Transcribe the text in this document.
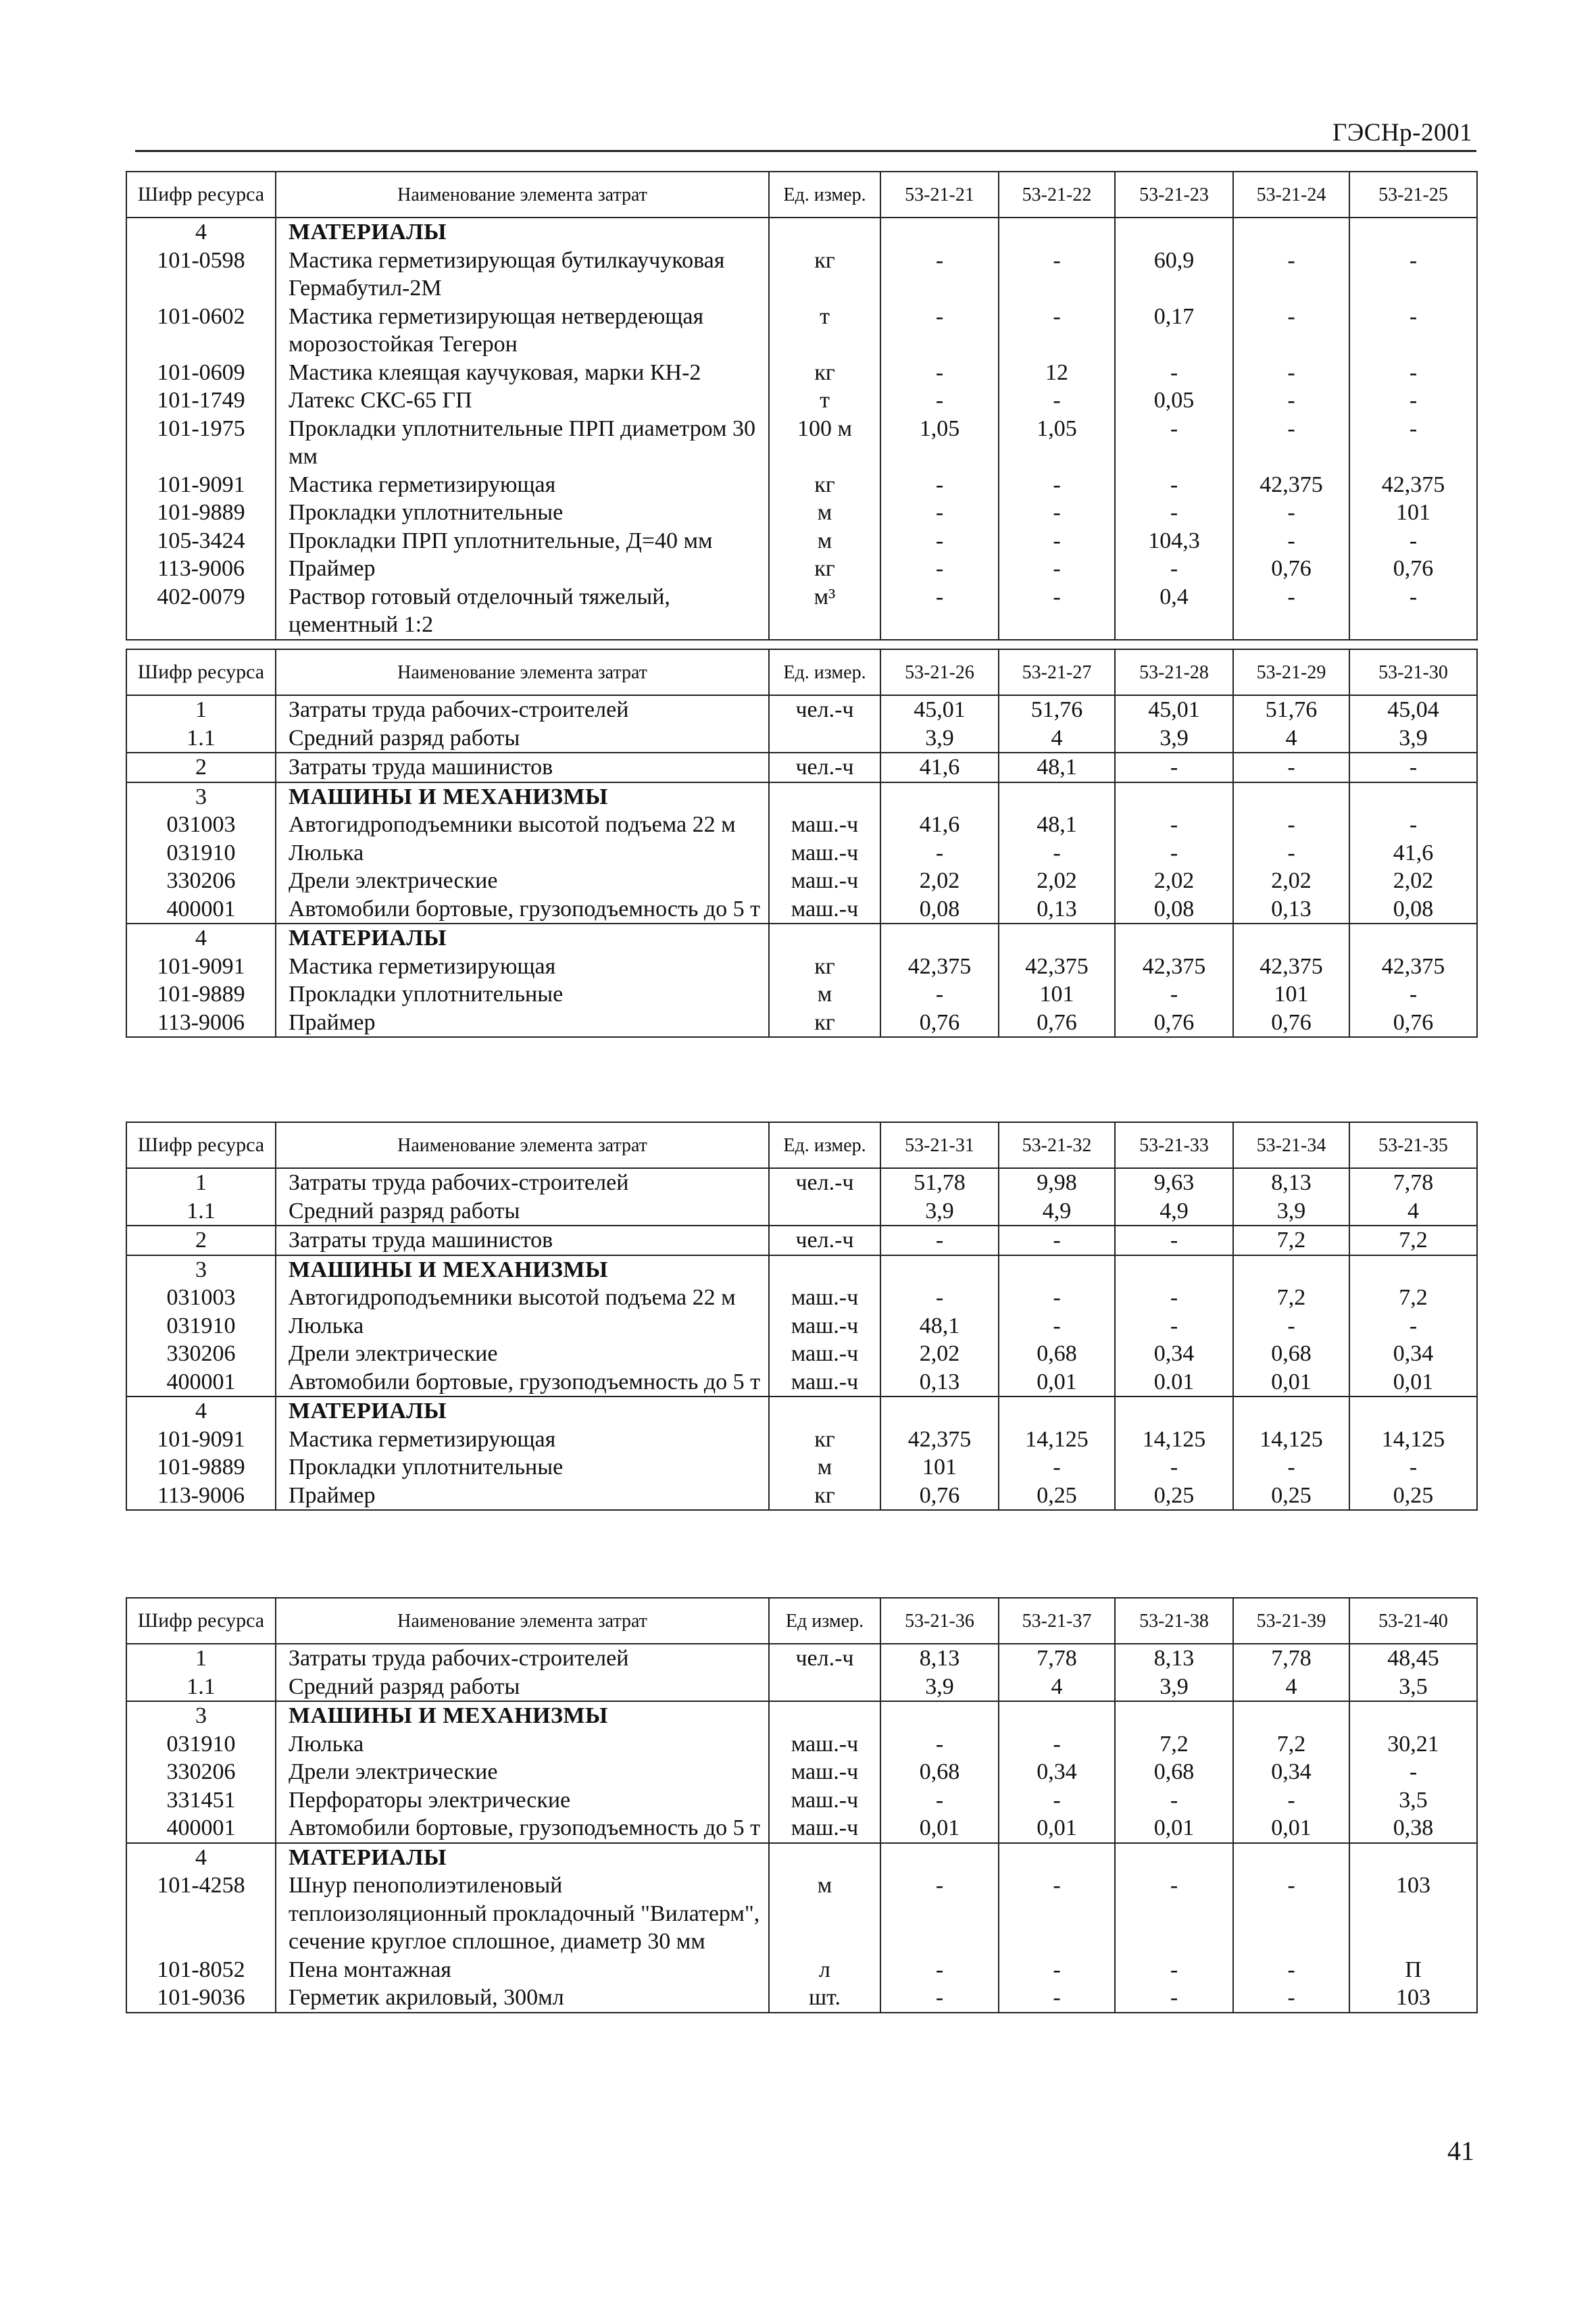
ГЭСНр-2001
Шифр ресурса	Наименование элемента затрат	Ед. измер.	53-21-21	53-21-22	53-21-23	53-21-24	53-21-25
4	МАТЕРИАЛЫ						
101-0598	Мастика герметизирующая бутилкаучуковая Гермабутил-2М	кг	-	-	60,9	-	-
101-0602	Мастика герметизирующая нетвердеющая морозостойкая Тегерон	т	-	-	0,17	-	-
101-0609	Мастика клеящая каучуковая, марки КН-2	кг	-	12	-	-	-
101-1749	Латекс СКС-65 ГП	т	-	-	0,05	-	-
101-1975	Прокладки уплотнительные ПРП диаметром 30 мм	100 м	1,05	1,05	-	-	-
101-9091	Мастика герметизирующая	кг	-	-	-	42,375	42,375
101-9889	Прокладки уплотнительные	м	-	-	-	-	101
105-3424	Прокладки ПРП уплотнительные, Д=40 мм	м	-	-	104,3	-	-
113-9006	Праймер	кг	-	-	-	0,76	0,76
402-0079	Раствор готовый отделочный тяжелый, цементный 1:2	м³	-	-	0,4	-	-
Шифр ресурса	Наименование элемента затрат	Ед. измер.	53-21-26	53-21-27	53-21-28	53-21-29	53-21-30
1	Затраты труда рабочих-строителей	чел.-ч	45,01	51,76	45,01	51,76	45,04
1.1	Средний разряд работы		3,9	4	3,9	4	3,9
2	Затраты труда машинистов	чел.-ч	41,6	48,1	-	-	-
3	МАШИНЫ И МЕХАНИЗМЫ						
031003	Автогидроподъемники высотой подъема 22 м	маш.-ч	41,6	48,1	-	-	-
031910	Люлька	маш.-ч	-	-	-	-	41,6
330206	Дрели электрические	маш.-ч	2,02	2,02	2,02	2,02	2,02
400001	Автомобили бортовые, грузоподъемность до 5 т	маш.-ч	0,08	0,13	0,08	0,13	0,08
4	МАТЕРИАЛЫ						
101-9091	Мастика герметизирующая	кг	42,375	42,375	42,375	42,375	42,375
101-9889	Прокладки уплотнительные	м	-	101	-	101	-
113-9006	Праймер	кг	0,76	0,76	0,76	0,76	0,76
Шифр ресурса	Наименование элемента затрат	Ед. измер.	53-21-31	53-21-32	53-21-33	53-21-34	53-21-35
1	Затраты труда рабочих-строителей	чел.-ч	51,78	9,98	9,63	8,13	7,78
1.1	Средний разряд работы		3,9	4,9	4,9	3,9	4
2	Затраты труда машинистов	чел.-ч	-	-	-	7,2	7,2
3	МАШИНЫ И МЕХАНИЗМЫ						
031003	Автогидроподъемники высотой подъема 22 м	маш.-ч	-	-	-	7,2	7,2
031910	Люлька	маш.-ч	48,1	-	-	-	-
330206	Дрели электрические	маш.-ч	2,02	0,68	0,34	0,68	0,34
400001	Автомобили бортовые, грузоподъемность до 5 т	маш.-ч	0,13	0,01	0.01	0,01	0,01
4	МАТЕРИАЛЫ						
101-9091	Мастика герметизирующая	кг	42,375	14,125	14,125	14,125	14,125
101-9889	Прокладки уплотнительные	м	101	-	-	-	-
113-9006	Праймер	кг	0,76	0,25	0,25	0,25	0,25
Шифр ресурса	Наименование элемента затрат	Ед измер.	53-21-36	53-21-37	53-21-38	53-21-39	53-21-40
1	Затраты труда рабочих-строителей	чел.-ч	8,13	7,78	8,13	7,78	48,45
1.1	Средний разряд работы		3,9	4	3,9	4	3,5
3	МАШИНЫ И МЕХАНИЗМЫ						
031910	Люлька	маш.-ч	-	-	7,2	7,2	30,21
330206	Дрели электрические	маш.-ч	0,68	0,34	0,68	0,34	-
331451	Перфораторы электрические	маш.-ч	-	-	-	-	3,5
400001	Автомобили бортовые, грузоподъемность до 5 т	маш.-ч	0,01	0,01	0,01	0,01	0,38
4	МАТЕРИАЛЫ						
101-4258	Шнур пенополиэтиленовый теплоизоляционный прокладочный "Вилатерм", сечение круглое сплошное, диаметр 30 мм	м	-	-	-	-	103
101-8052	Пена монтажная	л	-	-	-	-	П
101-9036	Герметик акриловый, 300мл	шт.	-	-	-	-	103
41
